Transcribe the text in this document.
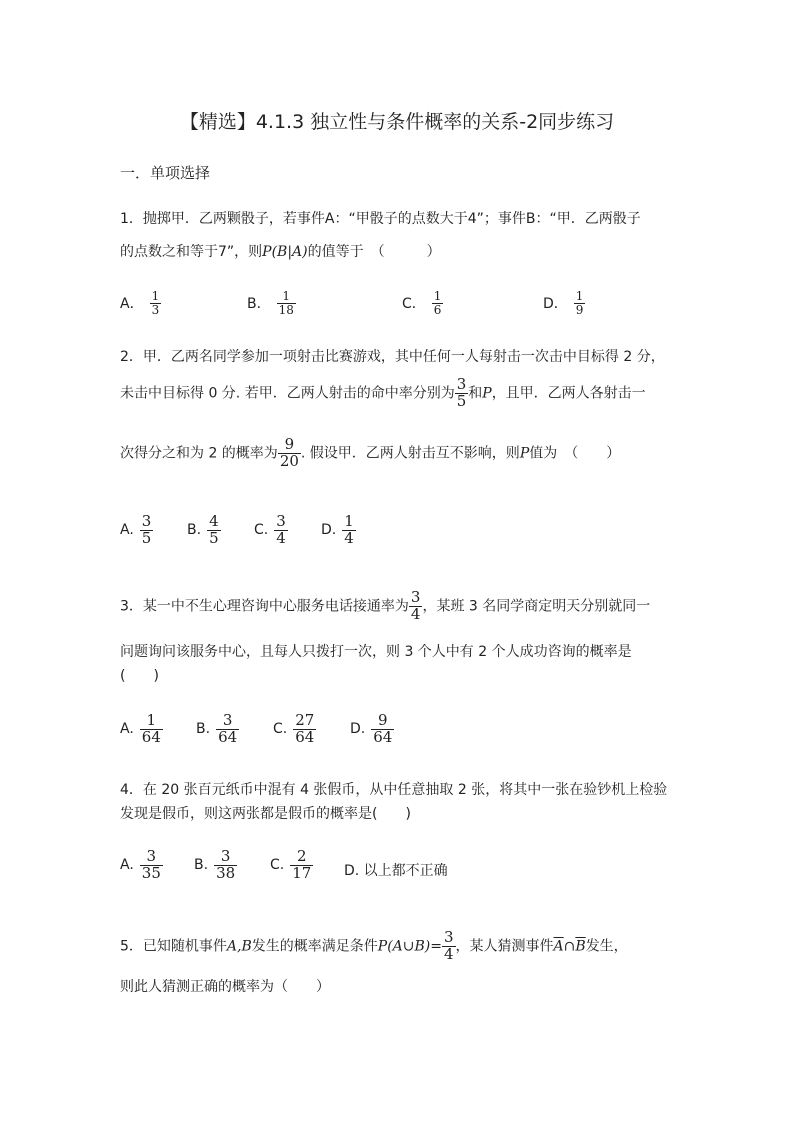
【精选】4.1.3 独立性与条件概率的关系-2同步练习
一．单项选择
1．抛掷甲．乙两颗骰子，若事件A：“甲骰子的点数大于4”；事件B：“甲．乙两骰子
的点数之和等于7”，则P(B|A)的值等于　（　　　）
A． $\frac{1}{3}$	B． $\frac{1}{18}$	C． $\frac{1}{6}$	D． $\frac{1}{9}$
2．甲．乙两名同学参加一项射击比赛游戏，其中任何一人每射击一次击中目标得 2 分，
未击中目标得 0 分. 若甲．乙两人射击的命中率分别为 $\frac{3}{5}$ 和P，且甲．乙两人各射击一
次得分之和为 2 的概率为 $\frac{9}{20}$ . 假设甲．乙两人射击互不影响，则P值为　（　　）
A. $\frac{3}{5} B$. $\frac{4}{5} C$. $\frac{3}{4} D$. $\frac{1}{4}$
3．某一中不生心理咨询中心服务电话接通率为 $\frac{3}{4}$ ，某班 3 名同学商定明天分别就同一
问题询问该服务中心，且每人只拨打一次，则 3 个人中有 2 个人成功咨询的概率是
(　　)
A. $\frac{1}{64} B$. $\frac{3}{64} C$. $\frac{27}{64} D$. $\frac{9}{64}$
4．在 20 张百元纸币中混有 4 张假币，从中任意抽取 2 张，将其中一张在验钞机上检验
发现是假币，则这两张都是假币的概率是(　　)
A. $\frac{3}{35} B$. $\frac{3}{38} C$. $\frac{2}{17} D$. 以上都不正确
5．已知随机事件A,B发生的概率满足条件P(A∪B)= $\frac{3}{4}$ ，某人猜测事件$\overline{A}\cap\overline{B}$发生，
则此人猜测正确的概率为（　　）
